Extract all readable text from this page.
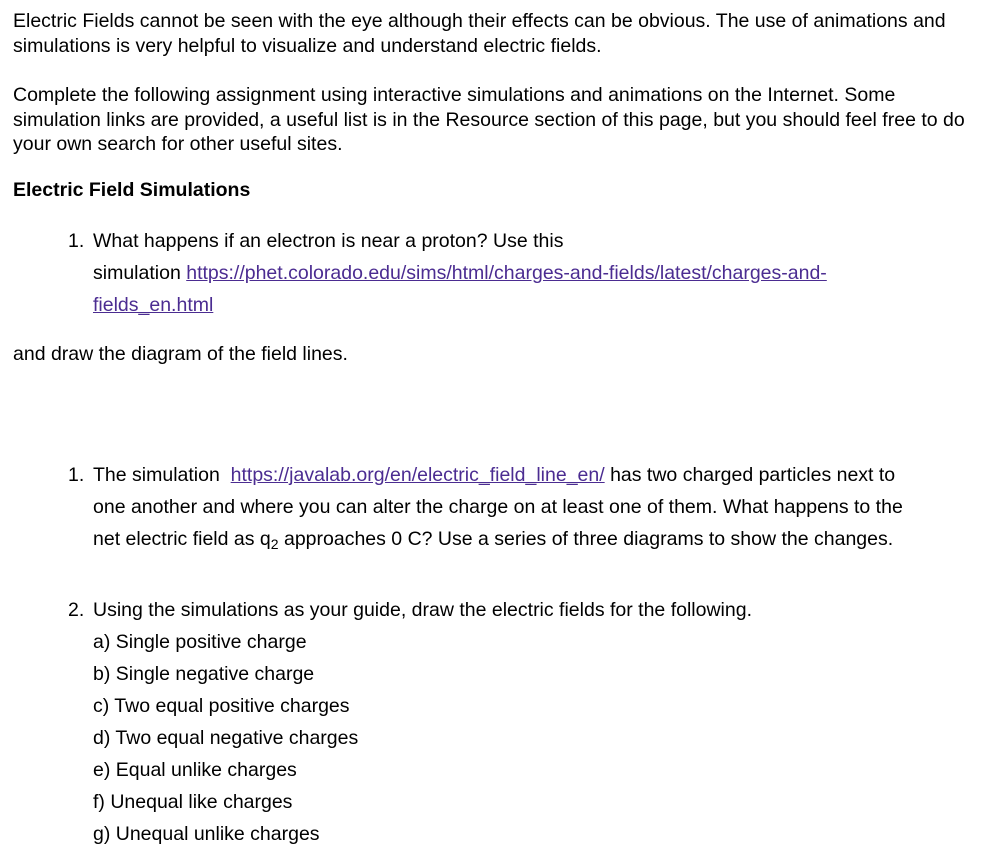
Electric Fields cannot be seen with the eye although their effects can be obvious. The use of animations and simulations is very helpful to visualize and understand electric fields.

Complete the following assignment using interactive simulations and animations on the Internet. Some simulation links are provided, a useful list is in the Resource section of this page, but you should feel free to do your own search for other useful sites.

Electric Field Simulations

1. What happens if an electron is near a proton? Use this
simulation https://phet.colorado.edu/sims/html/charges-and-fields/latest/charges-and-
fields_en.html

and draw the diagram of the field lines.

1. The simulation  https://javalab.org/en/electric_field_line_en/ has two charged particles next to
one another and where you can alter the charge on at least one of them. What happens to the
net electric field as $q_2$ approaches 0 C? Use a series of three diagrams to show the changes.
2. Using the simulations as your guide, draw the electric fields for the following.

a) Single positive charge

b) Single negative charge

c) Two equal positive charges

d) Two equal negative charges

e) Equal unlike charges

f) Unequal like charges

g) Unequal unlike charges
